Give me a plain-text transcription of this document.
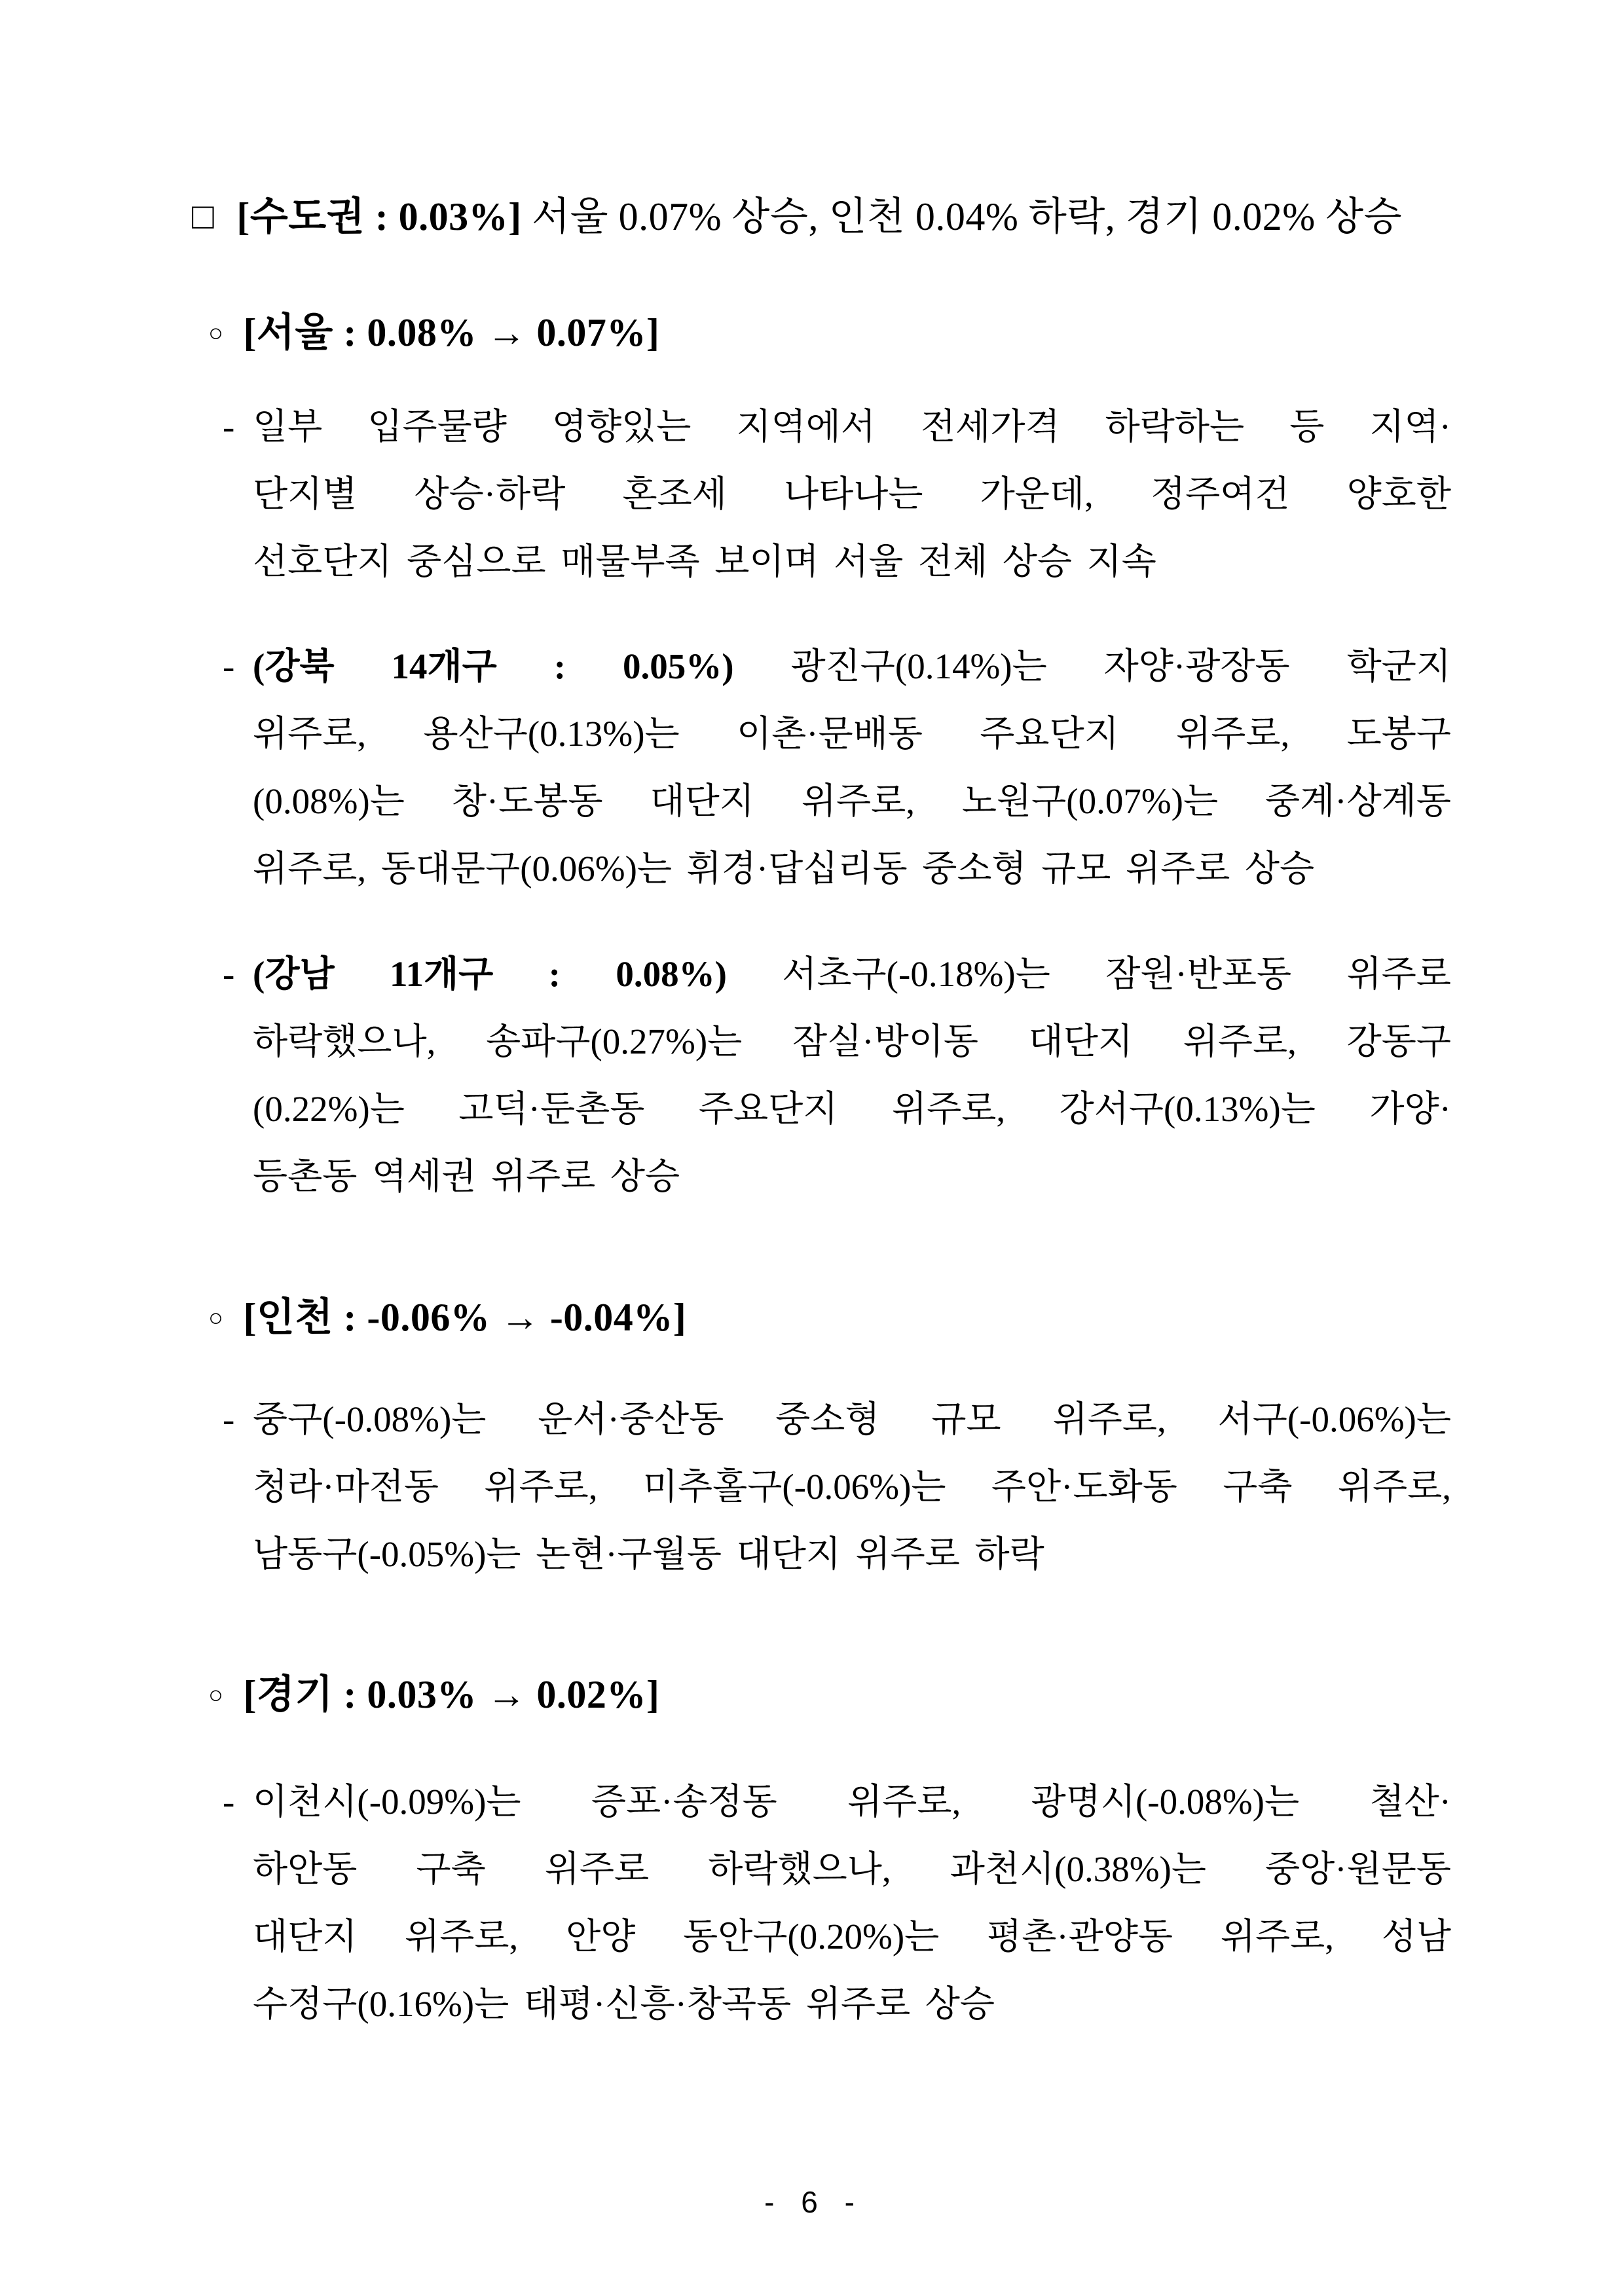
□ [수도권 : 0.03%] 서울 0.07% 상승, 인천 0.04% 하락, 경기 0.02% 상승
○ [서울 : 0.08% → 0.07%]
- 일부 입주물량 영향있는 지역에서 전세가격 하락하는 등 지역·
단지별 상승·하락 혼조세 나타나는 가운데, 정주여건 양호한
선호단지 중심으로 매물부족 보이며 서울 전체 상승 지속
- (강북 14개구 : 0.05%) 광진구(0.14%)는 자양·광장동 학군지
위주로, 용산구(0.13%)는 이촌·문배동 주요단지 위주로, 도봉구
(0.08%)는 창·도봉동 대단지 위주로, 노원구(0.07%)는 중계·상계동
위주로, 동대문구(0.06%)는 휘경·답십리동 중소형 규모 위주로 상승
- (강남 11개구 : 0.08%) 서초구(-0.18%)는 잠원·반포동 위주로
하락했으나, 송파구(0.27%)는 잠실·방이동 대단지 위주로, 강동구
(0.22%)는 고덕·둔촌동 주요단지 위주로, 강서구(0.13%)는 가양·
등촌동 역세권 위주로 상승
○ [인천 : -0.06% → -0.04%]
- 중구(-0.08%)는 운서·중산동 중소형 규모 위주로, 서구(-0.06%)는
청라·마전동 위주로, 미추홀구(-0.06%)는 주안·도화동 구축 위주로,
남동구(-0.05%)는 논현·구월동 대단지 위주로 하락
○ [경기 : 0.03% → 0.02%]
- 이천시(-0.09%)는 증포·송정동 위주로, 광명시(-0.08%)는 철산·
하안동 구축 위주로 하락했으나, 과천시(0.38%)는 중앙·원문동
대단지 위주로, 안양 동안구(0.20%)는 평촌·관양동 위주로, 성남
수정구(0.16%)는 태평·신흥·창곡동 위주로 상승
- 6 -
